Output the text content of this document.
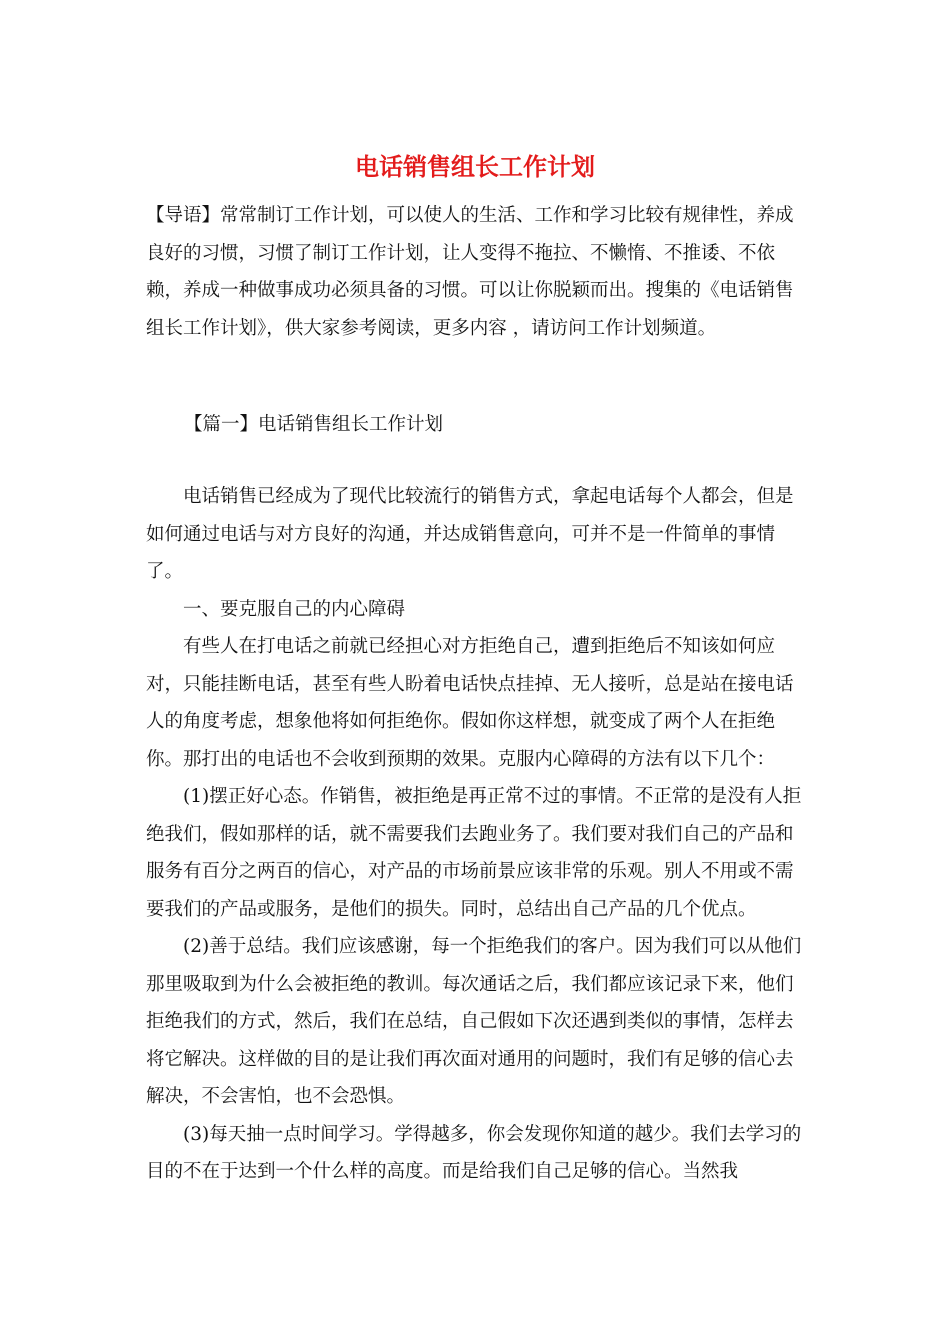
电话销售组长工作计划

【导语】常常制订工作计划，可以使人的生活、工作和学习比较有规律性，养成良好的习惯，习惯了制订工作计划，让人变得不拖拉、不懒惰、不推诿、不依赖，养成一种做事成功必须具备的习惯。可以让你脱颖而出。搜集的《电话销售组长工作计划》，供大家参考阅读，更多内容 ，请访问工作计划频道。

【篇一】电话销售组长工作计划

电话销售已经成为了现代比较流行的销售方式，拿起电话每个人都会，但是如何通过电话与对方良好的沟通，并达成销售意向，可并不是一件简单的事情了。

一、要克服自己的内心障碍

有些人在打电话之前就已经担心对方拒绝自己，遭到拒绝后不知该如何应对，只能挂断电话，甚至有些人盼着电话快点挂掉、无人接听，总是站在接电话人的角度考虑，想象他将如何拒绝你。假如你这样想，就变成了两个人在拒绝你。那打出的电话也不会收到预期的效果。克服内心障碍的方法有以下几个：

(1)摆正好心态。作销售，被拒绝是再正常不过的事情。不正常的是没有人拒绝我们，假如那样的话，就不需要我们去跑业务了。我们要对我们自己的产品和服务有百分之两百的信心，对产品的市场前景应该非常的乐观。别人不用或不需要我们的产品或服务，是他们的损失。同时，总结出自己产品的几个优点。

(2)善于总结。我们应该感谢，每一个拒绝我们的客户。因为我们可以从他们那里吸取到为什么会被拒绝的教训。每次通话之后，我们都应该记录下来，他们拒绝我们的方式，然后，我们在总结，自己假如下次还遇到类似的事情，怎样去将它解决。这样做的目的是让我们再次面对通用的问题时，我们有足够的信心去解决，不会害怕，也不会恐惧。

(3)每天抽一点时间学习。学得越多，你会发现你知道的越少。我们去学习的目的不在于达到一个什么样的高度。而是给我们自己足够的信心。当然我
